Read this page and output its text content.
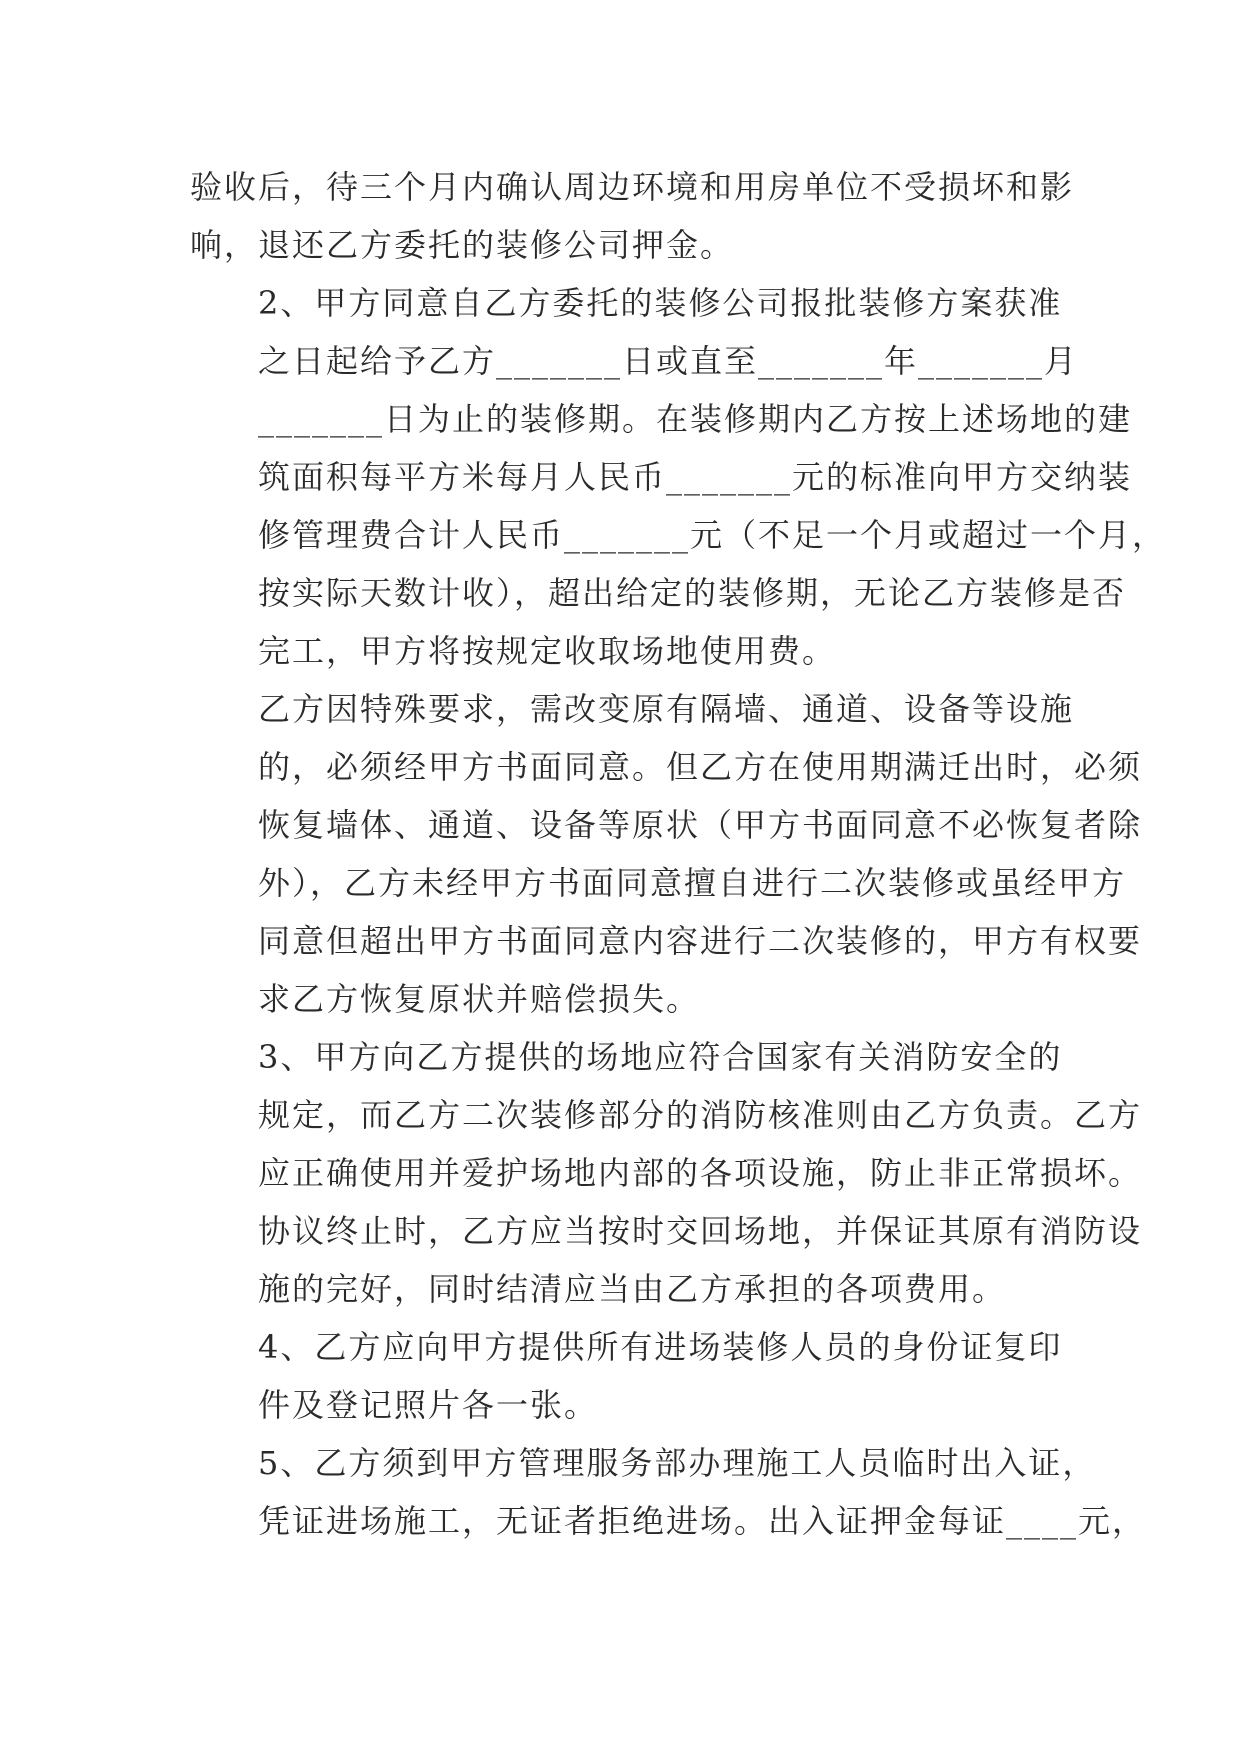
验收后，待三个月内确认周边环境和用房单位不受损坏和影
响，退还乙方委托的装修公司押金。

2、甲方同意自乙方委托的装修公司报批装修方案获准
之日起给予乙方_______日或直至_______年_______月
_______日为止的装修期。在装修期内乙方按上述场地的建
筑面积每平方米每月人民币_______元的标准向甲方交纳装
修管理费合计人民币_______元（不足一个月或超过一个月，
按实际天数计收），超出给定的装修期，无论乙方装修是否
完工，甲方将按规定收取场地使用费。

乙方因特殊要求，需改变原有隔墙、通道、设备等设施
的，必须经甲方书面同意。但乙方在使用期满迁出时，必须
恢复墙体、通道、设备等原状（甲方书面同意不必恢复者除
外），乙方未经甲方书面同意擅自进行二次装修或虽经甲方
同意但超出甲方书面同意内容进行二次装修的，甲方有权要
求乙方恢复原状并赔偿损失。

3、甲方向乙方提供的场地应符合国家有关消防安全的
规定，而乙方二次装修部分的消防核准则由乙方负责。乙方
应正确使用并爱护场地内部的各项设施，防止非正常损坏。
协议终止时，乙方应当按时交回场地，并保证其原有消防设
施的完好，同时结清应当由乙方承担的各项费用。

4、乙方应向甲方提供所有进场装修人员的身份证复印
件及登记照片各一张。

5、乙方须到甲方管理服务部办理施工人员临时出入证，
凭证进场施工，无证者拒绝进场。出入证押金每证____元，
